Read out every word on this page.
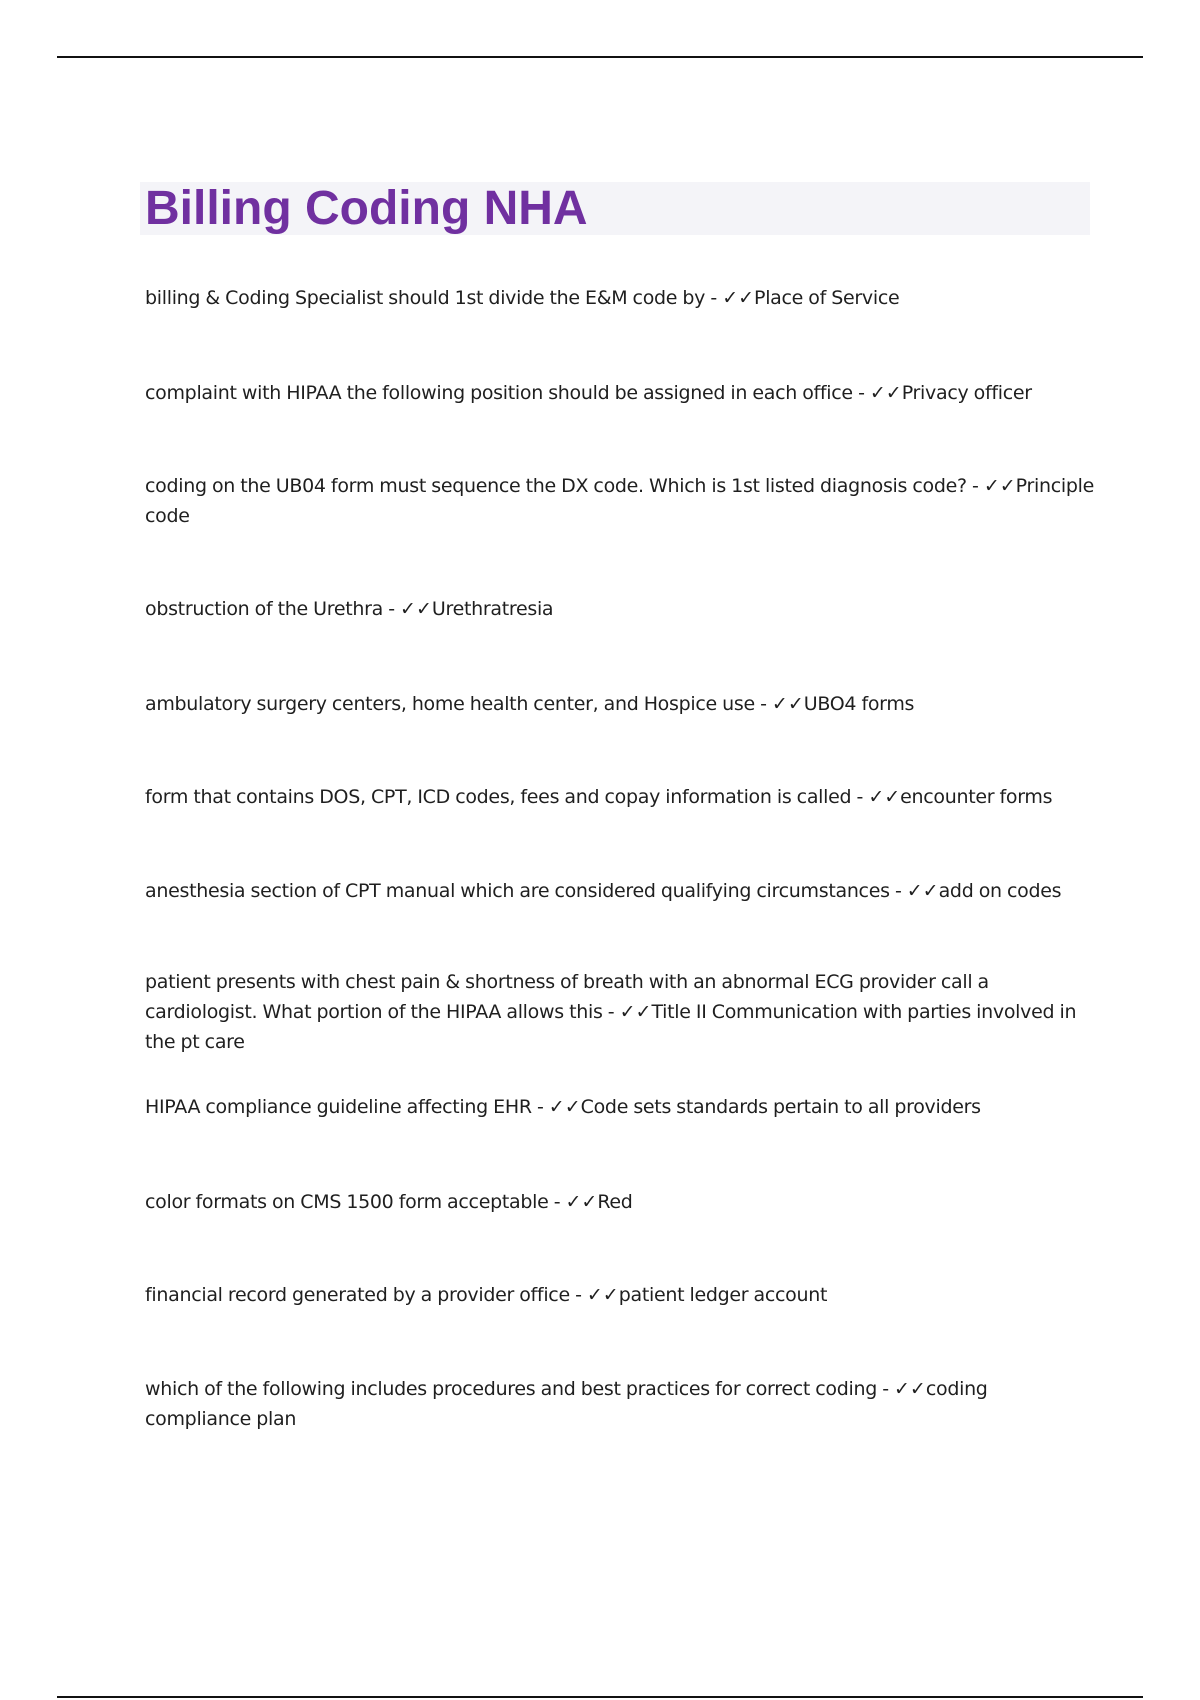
Billing Coding NHA

billing & Coding Specialist should 1st divide the E&M code by - ✓✓Place of Service

complaint with HIPAA the following position should be assigned in each office - ✓✓Privacy officer

coding on the UB04 form must sequence the DX code. Which is 1st listed diagnosis code? - ✓✓Principle code

obstruction of the Urethra - ✓✓Urethratresia

ambulatory surgery centers, home health center, and Hospice use - ✓✓UBO4 forms

form that contains DOS, CPT, ICD codes, fees and copay information is called - ✓✓encounter forms

anesthesia section of CPT manual which are considered qualifying circumstances - ✓✓add on codes

patient presents with chest pain & shortness of breath with an abnormal ECG provider call a cardiologist. What portion of the HIPAA allows this - ✓✓Title II Communication with parties involved in the pt care

HIPAA compliance guideline affecting EHR - ✓✓Code sets standards pertain to all providers

color formats on CMS 1500 form acceptable - ✓✓Red

financial record generated by a provider office - ✓✓patient ledger account

which of the following includes procedures and best practices for correct coding - ✓✓coding compliance plan
